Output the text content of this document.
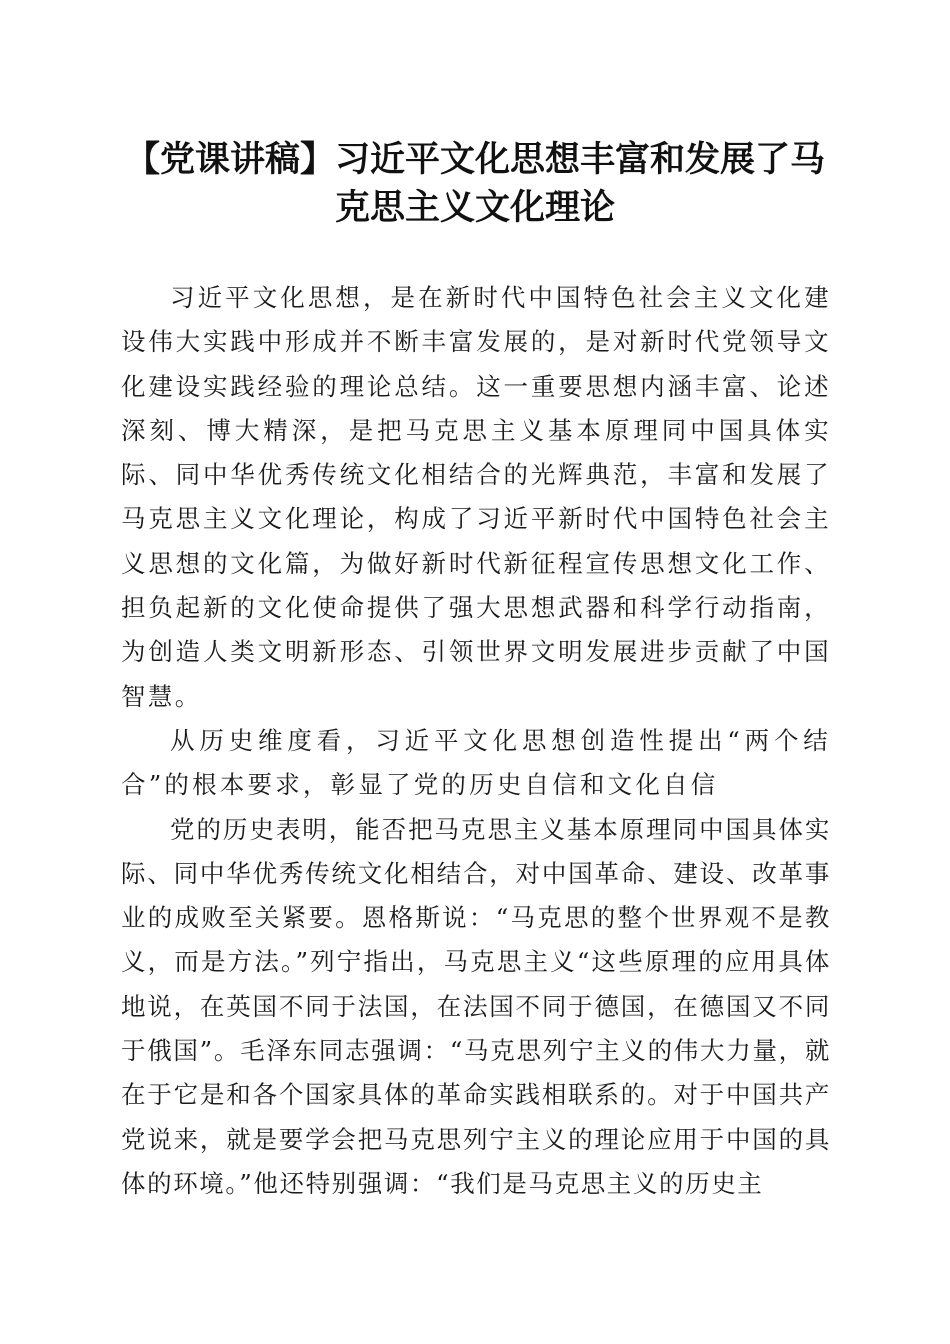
【党课讲稿】习近平文化思想丰富和发展了马
克思主义文化理论

习近平文化思想，是在新时代中国特色社会主义文化建设伟大实践中形成并不断丰富发展的，是对新时代党领导文化建设实践经验的理论总结。这一重要思想内涵丰富、论述深刻、博大精深，是把马克思主义基本原理同中国具体实际、同中华优秀传统文化相结合的光辉典范，丰富和发展了马克思主义文化理论，构成了习近平新时代中国特色社会主义思想的文化篇，为做好新时代新征程宣传思想文化工作、担负起新的文化使命提供了强大思想武器和科学行动指南，为创造人类文明新形态、引领世界文明发展进步贡献了中国智慧。

从历史维度看，习近平文化思想创造性提出“两个结合”的根本要求，彰显了党的历史自信和文化自信

党的历史表明，能否把马克思主义基本原理同中国具体实际、同中华优秀传统文化相结合，对中国革命、建设、改革事业的成败至关紧要。恩格斯说：“马克思的整个世界观不是教义，而是方法。”列宁指出，马克思主义“这些原理的应用具体地说，在英国不同于法国，在法国不同于德国，在德国又不同于俄国”。毛泽东同志强调：“马克思列宁主义的伟大力量，就在于它是和各个国家具体的革命实践相联系的。对于中国共产党说来，就是要学会把马克思列宁主义的理论应用于中国的具体的环境。”他还特别强调：“我们是马克思主义的历史主
